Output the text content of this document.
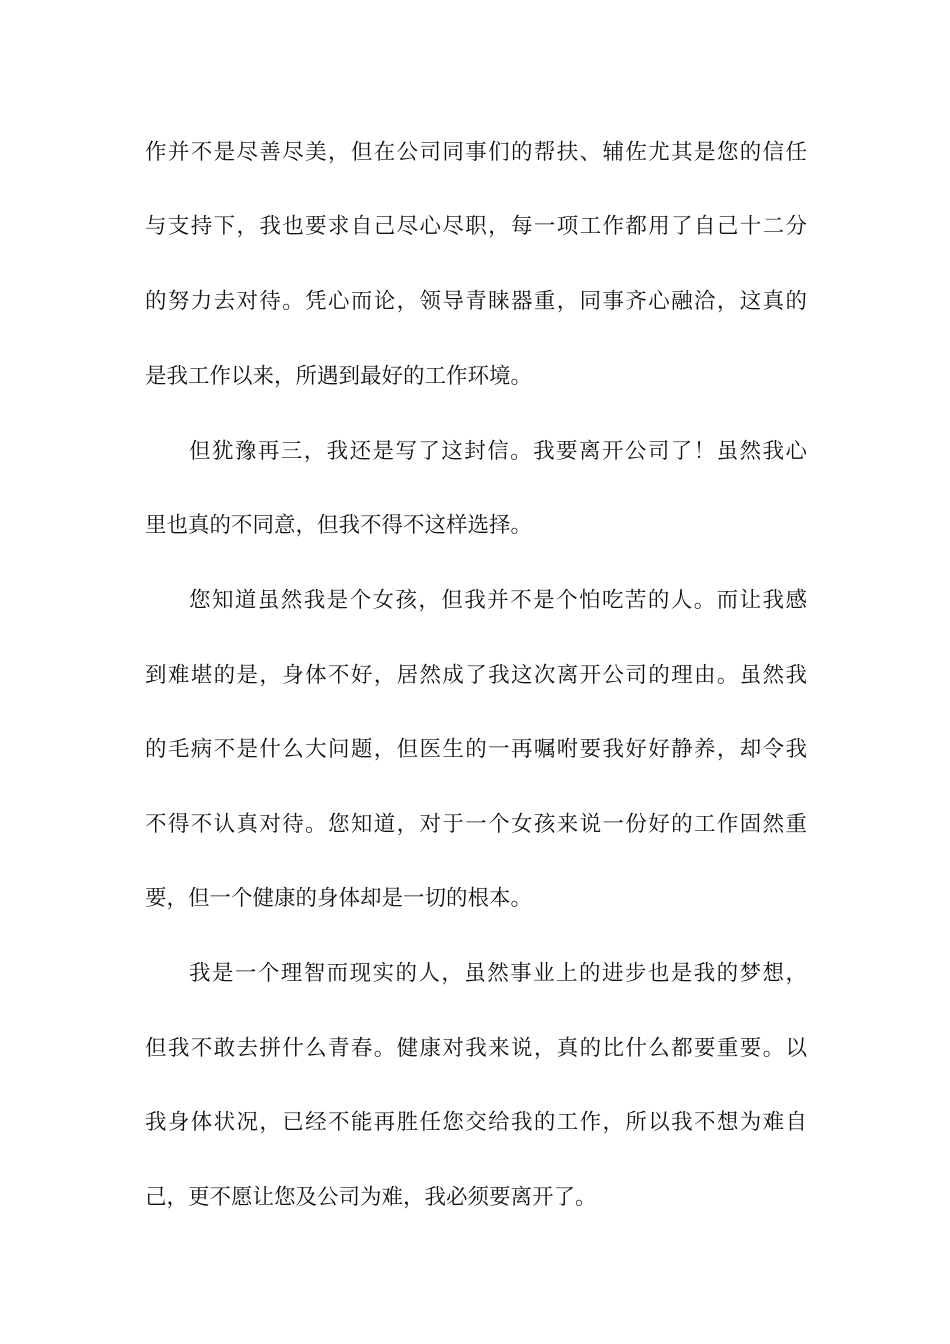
作并不是尽善尽美，但在公司同事们的帮扶、辅佐尤其是您的信任
与支持下，我也要求自己尽心尽职，每一项工作都用了自己十二分
的努力去对待。凭心而论，领导青睐器重，同事齐心融洽，这真的
是我工作以来，所遇到最好的工作环境。
但犹豫再三，我还是写了这封信。我要离开公司了！虽然我心
里也真的不同意，但我不得不这样选择。
您知道虽然我是个女孩，但我并不是个怕吃苦的人。而让我感
到难堪的是，身体不好，居然成了我这次离开公司的理由。虽然我
的毛病不是什么大问题，但医生的一再嘱咐要我好好静养，却令我
不得不认真对待。您知道，对于一个女孩来说一份好的工作固然重
要，但一个健康的身体却是一切的根本。
我是一个理智而现实的人，虽然事业上的进步也是我的梦想，
但我不敢去拼什么青春。健康对我来说，真的比什么都要重要。以
我身体状况，已经不能再胜任您交给我的工作，所以我不想为难自
己，更不愿让您及公司为难，我必须要离开了。
